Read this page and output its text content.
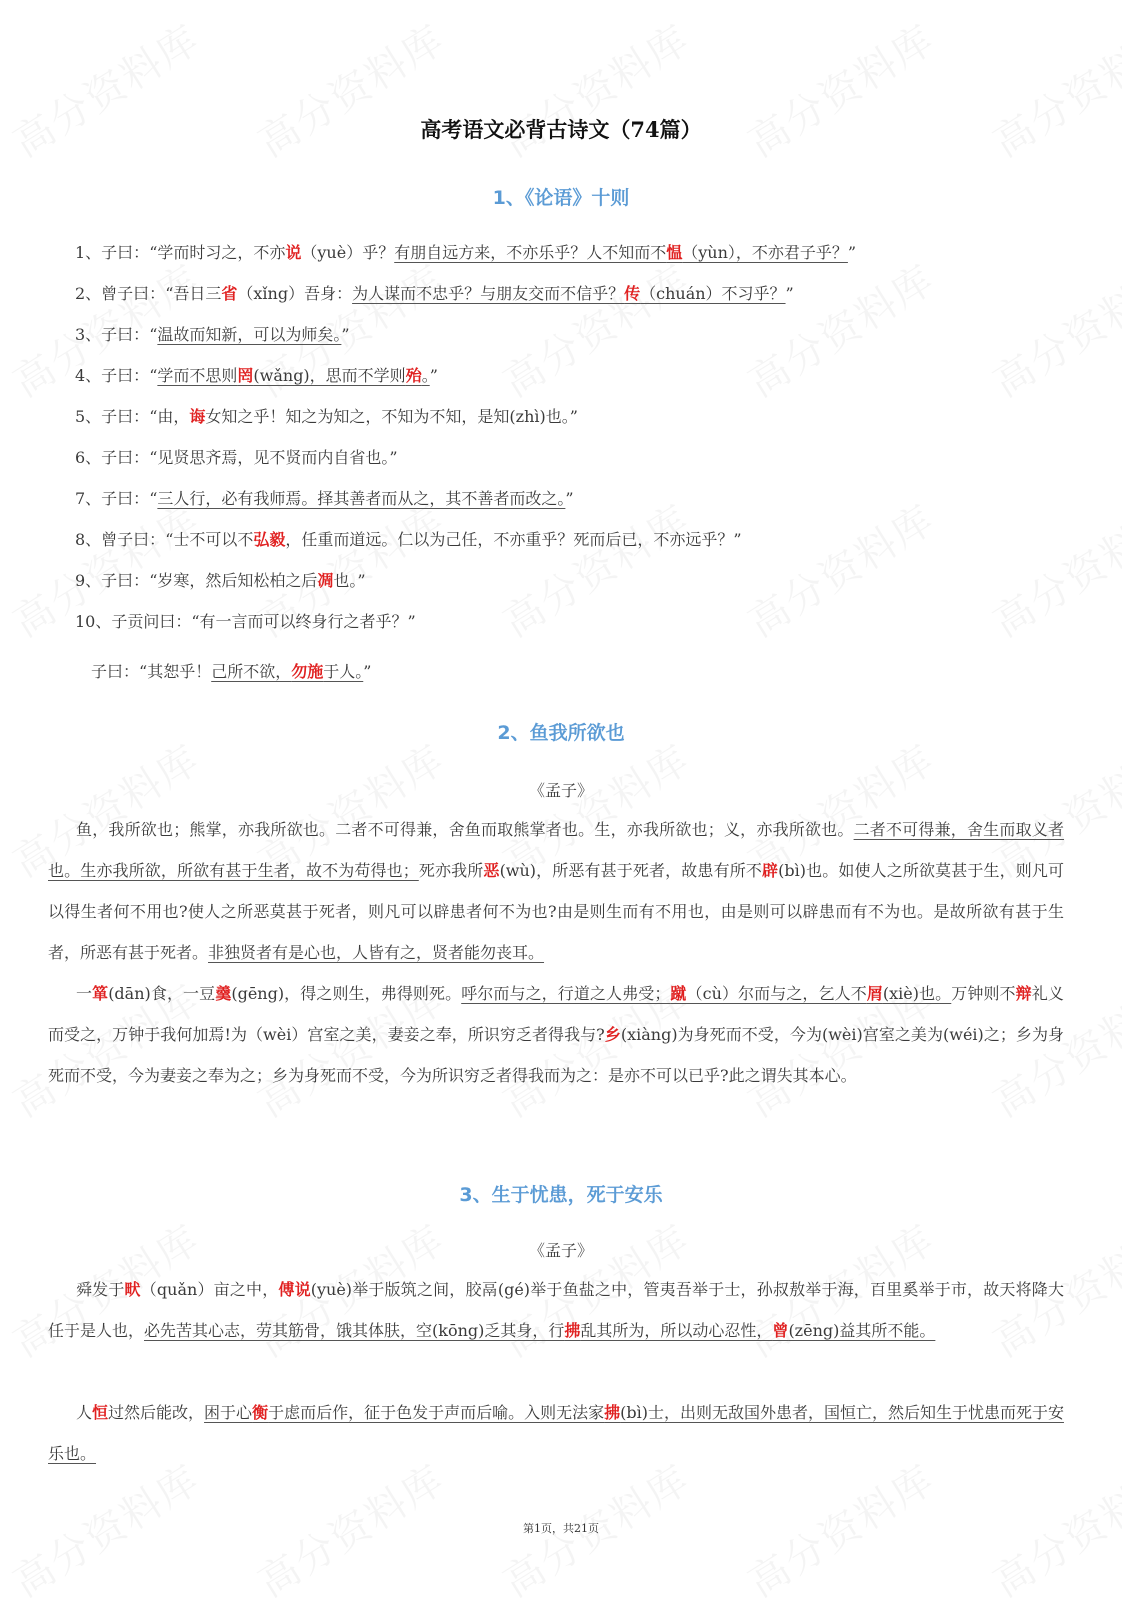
高考语文必背古诗文（74篇）
1、《论语》十则
1、子曰：“学而时习之，不亦说（yuè）乎？有朋自远方来，不亦乐乎？人不知而不愠（yùn），不亦君子乎？”
2、曾子曰：“吾日三省（xǐng）吾身：为人谋而不忠乎？与朋友交而不信乎？传（chuán）不习乎？”
3、子曰：“温故而知新，可以为师矣。”
4、子曰：“学而不思则罔(wǎng)，思而不学则殆。”
5、子曰：“由，诲女知之乎！知之为知之，不知为不知，是知(zhì)也。”
6、子曰：“见贤思齐焉，见不贤而内自省也。”
7、子曰：“三人行，必有我师焉。择其善者而从之，其不善者而改之。”
8、曾子曰：“士不可以不弘毅，任重而道远。仁以为己任，不亦重乎？死而后已，不亦远乎？”
9、子曰：“岁寒，然后知松柏之后凋也。”
10、子贡问曰：“有一言而可以终身行之者乎？”
　子曰：“其恕乎！己所不欲，勿施于人。”
2、鱼我所欲也
《孟子》
鱼，我所欲也；熊掌，亦我所欲也。二者不可得兼，舍鱼而取熊掌者也。生，亦我所欲也；义，亦我所欲也。二者不可得兼，舍生而取义者也。生亦我所欲，所欲有甚于生者，故不为苟得也；死亦我所恶(wù)，所恶有甚于死者，故患有所不辟(bì)也。如使人之所欲莫甚于生，则凡可以得生者何不用也?使人之所恶莫甚于死者，则凡可以辟患者何不为也?由是则生而有不用也，由是则可以辟患而有不为也。是故所欲有甚于生者，所恶有甚于死者。非独贤者有是心也，人皆有之，贤者能勿丧耳。
一箪(dān)食，一豆羹(gēng)，得之则生，弗得则死。呼尔而与之，行道之人弗受；蹴（cù）尔而与之，乞人不屑(xiè)也。万钟则不辩礼义而受之，万钟于我何加焉!为（wèi）宫室之美，妻妾之奉，所识穷乏者得我与?乡(xiàng)为身死而不受，今为(wèi)宫室之美为(wéi)之；乡为身死而不受，今为妻妾之奉为之；乡为身死而不受，今为所识穷乏者得我而为之：是亦不可以已乎?此之谓失其本心。
3、生于忧患，死于安乐
《孟子》
舜发于畎（quǎn）亩之中，傅说(yuè)举于版筑之间，胶鬲(gé)举于鱼盐之中，管夷吾举于士，孙叔敖举于海，百里奚举于市，故天将降大任于是人也，必先苦其心志，劳其筋骨，饿其体肤，空(kōng)乏其身，行拂乱其所为，所以动心忍性，曾(zēng)益其所不能。
人恒过然后能改，困于心衡于虑而后作，征于色发于声而后喻。入则无法家拂(bì)士，出则无敌国外患者，国恒亡，然后知生于忧患而死于安乐也。
第1页，共21页
